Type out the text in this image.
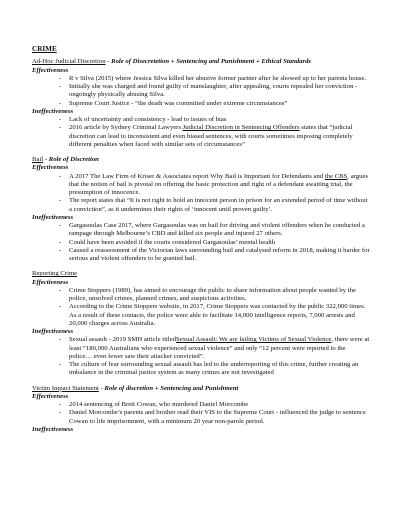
CRIME
Ad-Hoc Judicial Discretion - Role of Disecretetion + Sentencing and Punishment + Ethical Standards
Effectiveness
- R v Silva (2015) where Jessica Silva killed her abusive former partner after he showed up to her parents house.
- Initially she was charged and found guilty of manslaughter, after appealing, courts repealed her conviction - ongoingly physically abusing Silva.
- Supreme Court Justice - “the death was committed under extreme circumstances”
Ineffectiveness
- Lack of uncertainty and consistency - lead to issues of bias
- 2016 article by Sydney Criminal Lawyers Judicial Discretion in Sentencing Offenders states that “judicial discretion can lead to inconsistent and even biased sentences, with courts sometimes imposing completely different penalties when faced with similar sets of circumstances”
Bail - Role of Discretion
Effectiveness
- A 2017 The Law Firm of Kriser & Associates report Why Bail is Important for Defendants and the CBS, argues that the notion of bail is pivotal on offering the basic protection and right of a defendant awaiting trial, the presumption of innocence.
- The report states that “It is not right to hold an innocent person in prison for an extended period of time without a conviction”, as it undermines their rights of ‘innocent until proven guilty’.
Ineffectiveness
- Gargasoulas Case 2017, where Gargasoulas was on bail for driving and violent offenders when he conducted a rampage through Melbourne’s CBD and killed six people and injured 27 others.
- Could have been avoided if the courts considered Gargasoulas’ mental health
- Caused a reassessment of the Victorian laws surrounding bail and catalysed reform in 2018, making it harder for serious and violent offenders to be granted bail.
Reporting Crime
Effectiveness
- Crime Stoppers (1989), has aimed to encourage the public to share information about people wanted by the police, unsolved crimes, planned crimes, and suspicious activities.
- According to the Crime Stoppers website, in 2017, Crime Stoppers was contacted by the public 322,000 times. As a result of these contacts, the police were able to facilitate 14,000 intelligence reports, 7,000 arrests and 20,000 charges across Australia.
Ineffectiveness
- Sexual assault - 2019 SMH article titledSexual Assault: We are failing Victims of Sexual Violence, there were at least “180,000 Australians who experienced sexual violence” and only “12 percent were reported to the police… even fewer saw their attacker convicted”.
- The culture of fear surrounding sexual assault has led to the underreporting of this crime, further creating an imbalance in the criminal justice system as many crimes are not investigated
Victim Impact Statement - Role of discretion + Sentencing and Punishment
Effectiveness
- 2014 sentencing of Brett Cowan, who murdered Daniel Morcombe
- Daniel Morcombe’s parents and brother read their VIS to the Supreme Court - influenced the judge to sentence Cowan to life imprisonment, with a minimum 20 year non-parole period.
Ineffectiveness
